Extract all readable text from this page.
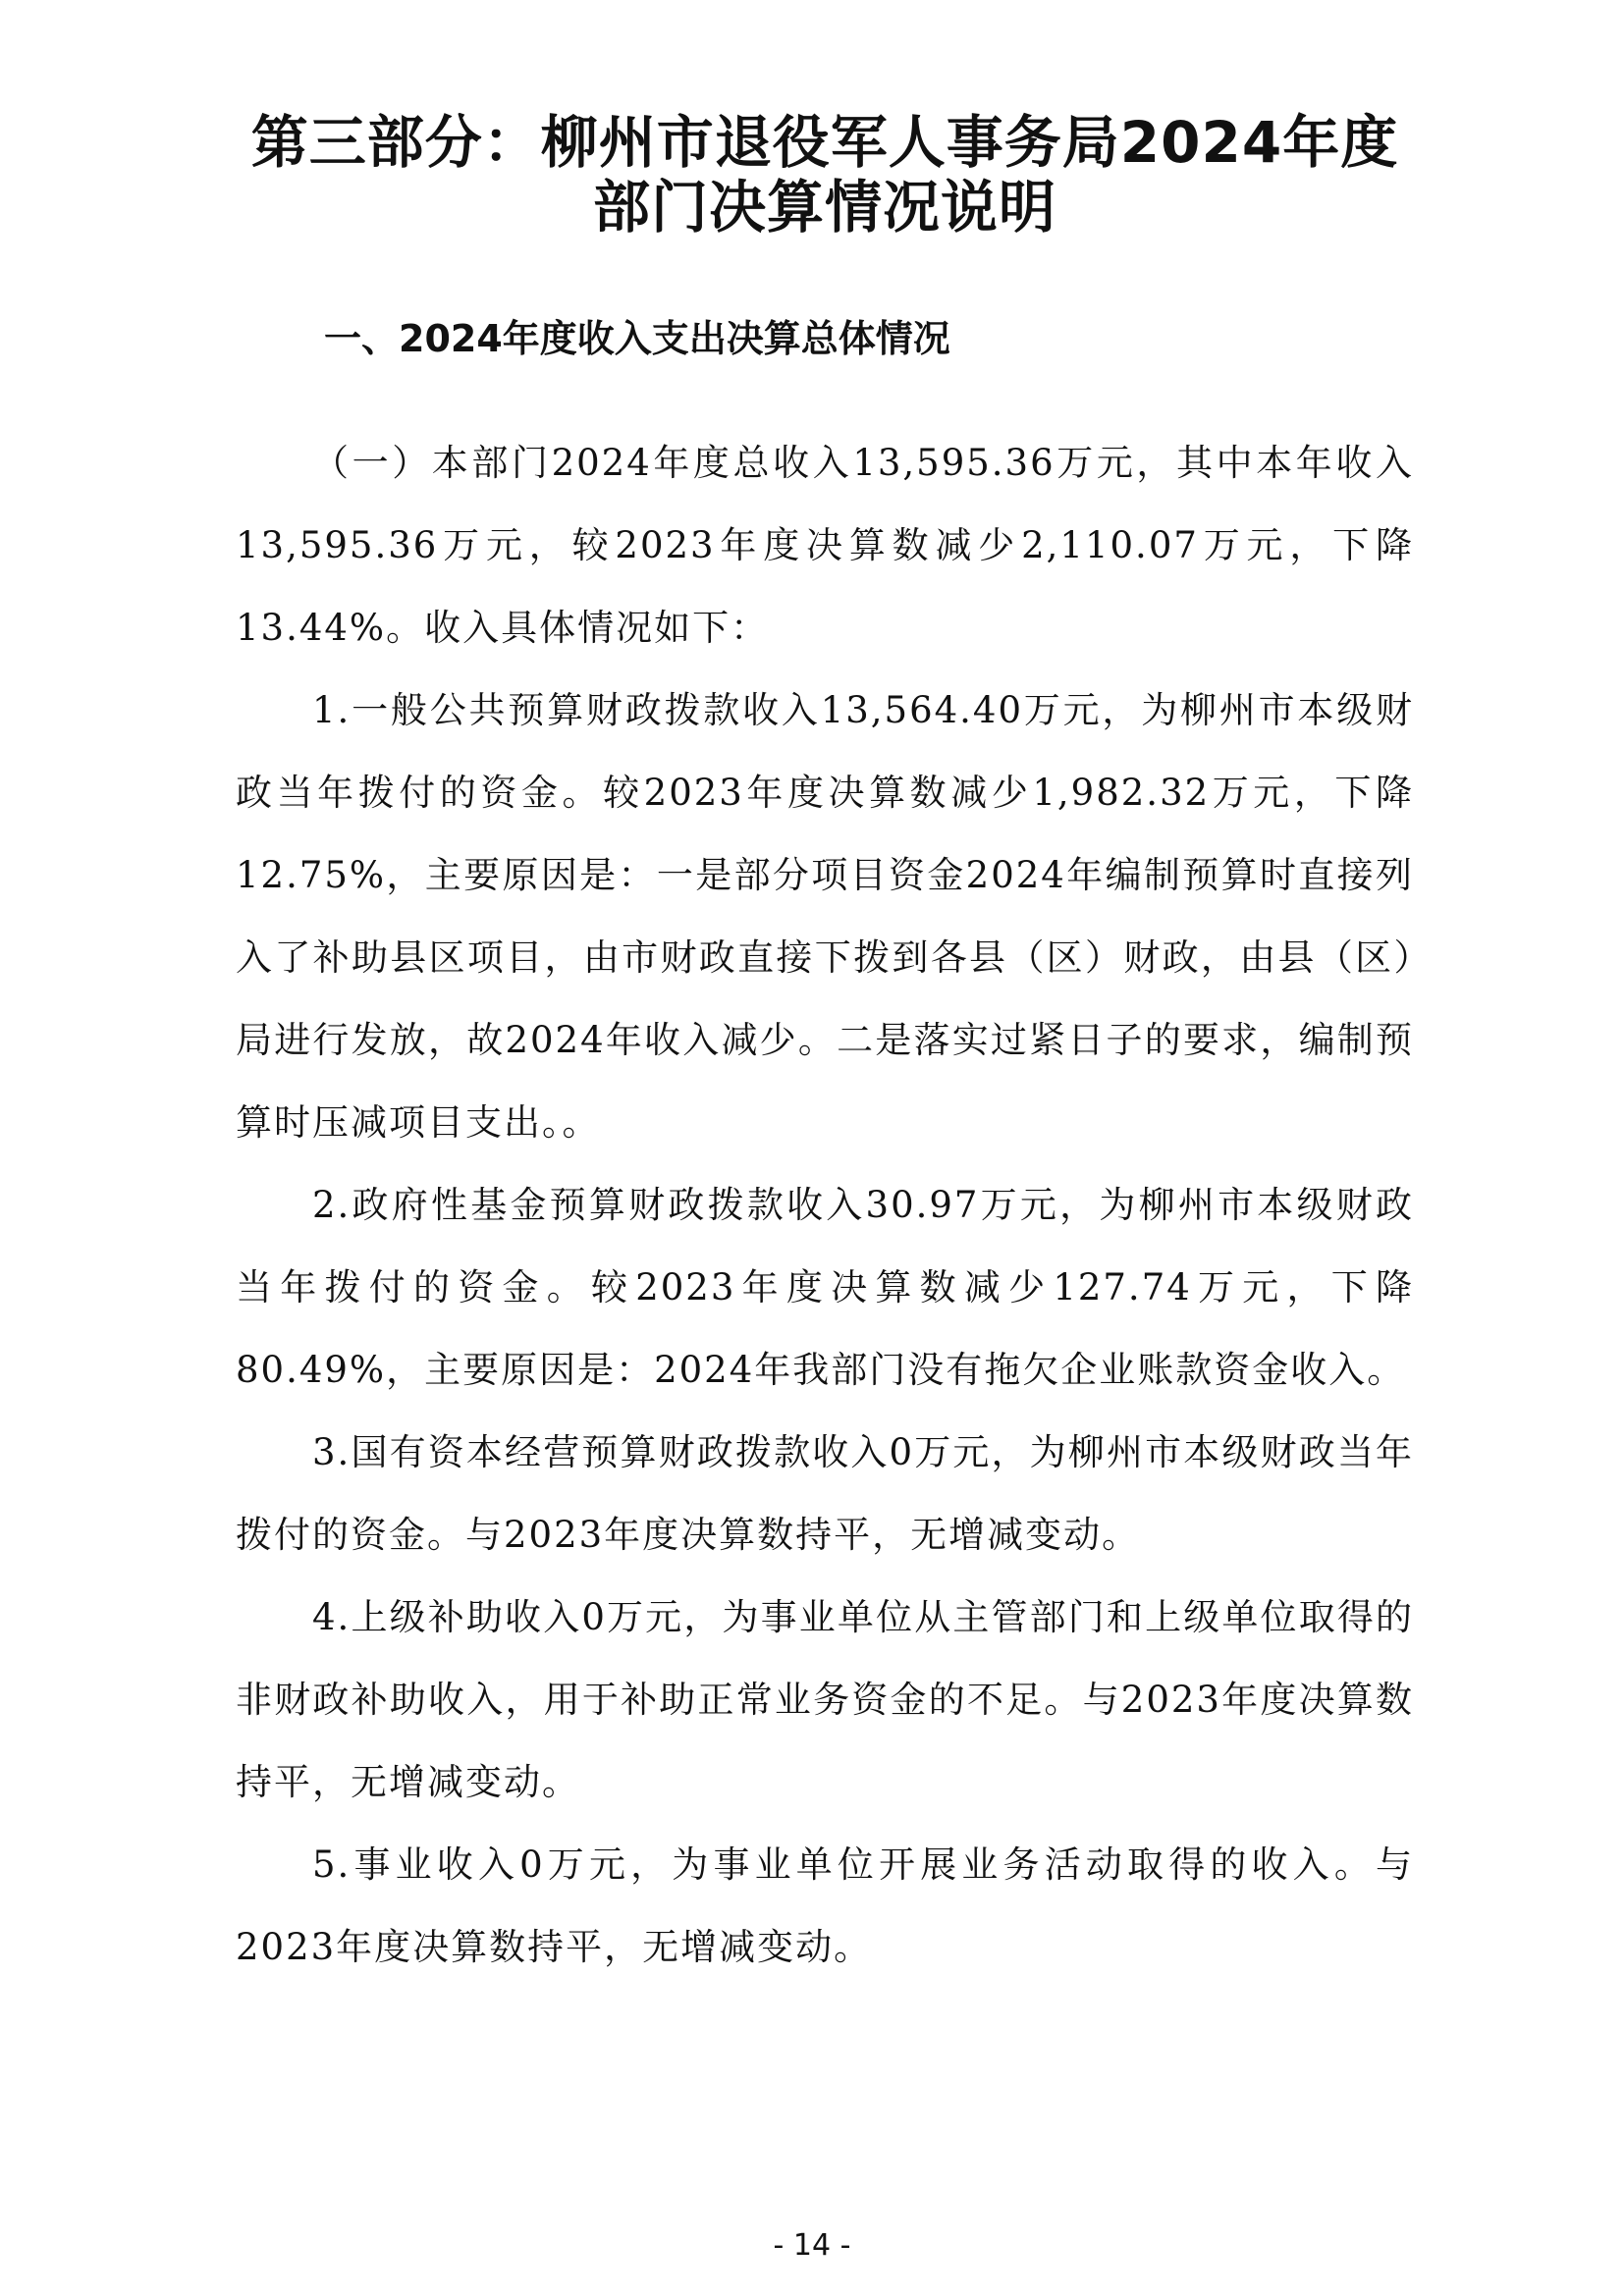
第三部分：柳州市退役军人事务局2024年度
部门决算情况说明
一、2024年度收入支出决算总体情况

（一）本部门2024年度总收入13,595.36万元，其中本年收入13,595.36万元，较2023年度决算数减少2,110.07万元，下降13.44%。收入具体情况如下：

1.一般公共预算财政拨款收入13,564.40万元，为柳州市本级财政当年拨付的资金。较2023年度决算数减少1,982.32万元，下降12.75%，主要原因是：一是部分项目资金2024年编制预算时直接列入了补助县区项目，由市财政直接下拨到各县（区）财政，由县（区）局进行发放，故2024年收入减少。二是落实过紧日子的要求，编制预算时压减项目支出。。

2.政府性基金预算财政拨款收入30.97万元，为柳州市本级财政当年拨付的资金。较2023年度决算数减少127.74万元，下降80.49%，主要原因是：2024年我部门没有拖欠企业账款资金收入。

3.国有资本经营预算财政拨款收入0万元，为柳州市本级财政当年拨付的资金。与2023年度决算数持平，无增减变动。

4.上级补助收入0万元，为事业单位从主管部门和上级单位取得的非财政补助收入，用于补助正常业务资金的不足。与2023年度决算数持平，无增减变动。

5.事业收入0万元，为事业单位开展业务活动取得的收入。与2023年度决算数持平，无增减变动。

- 14 -
